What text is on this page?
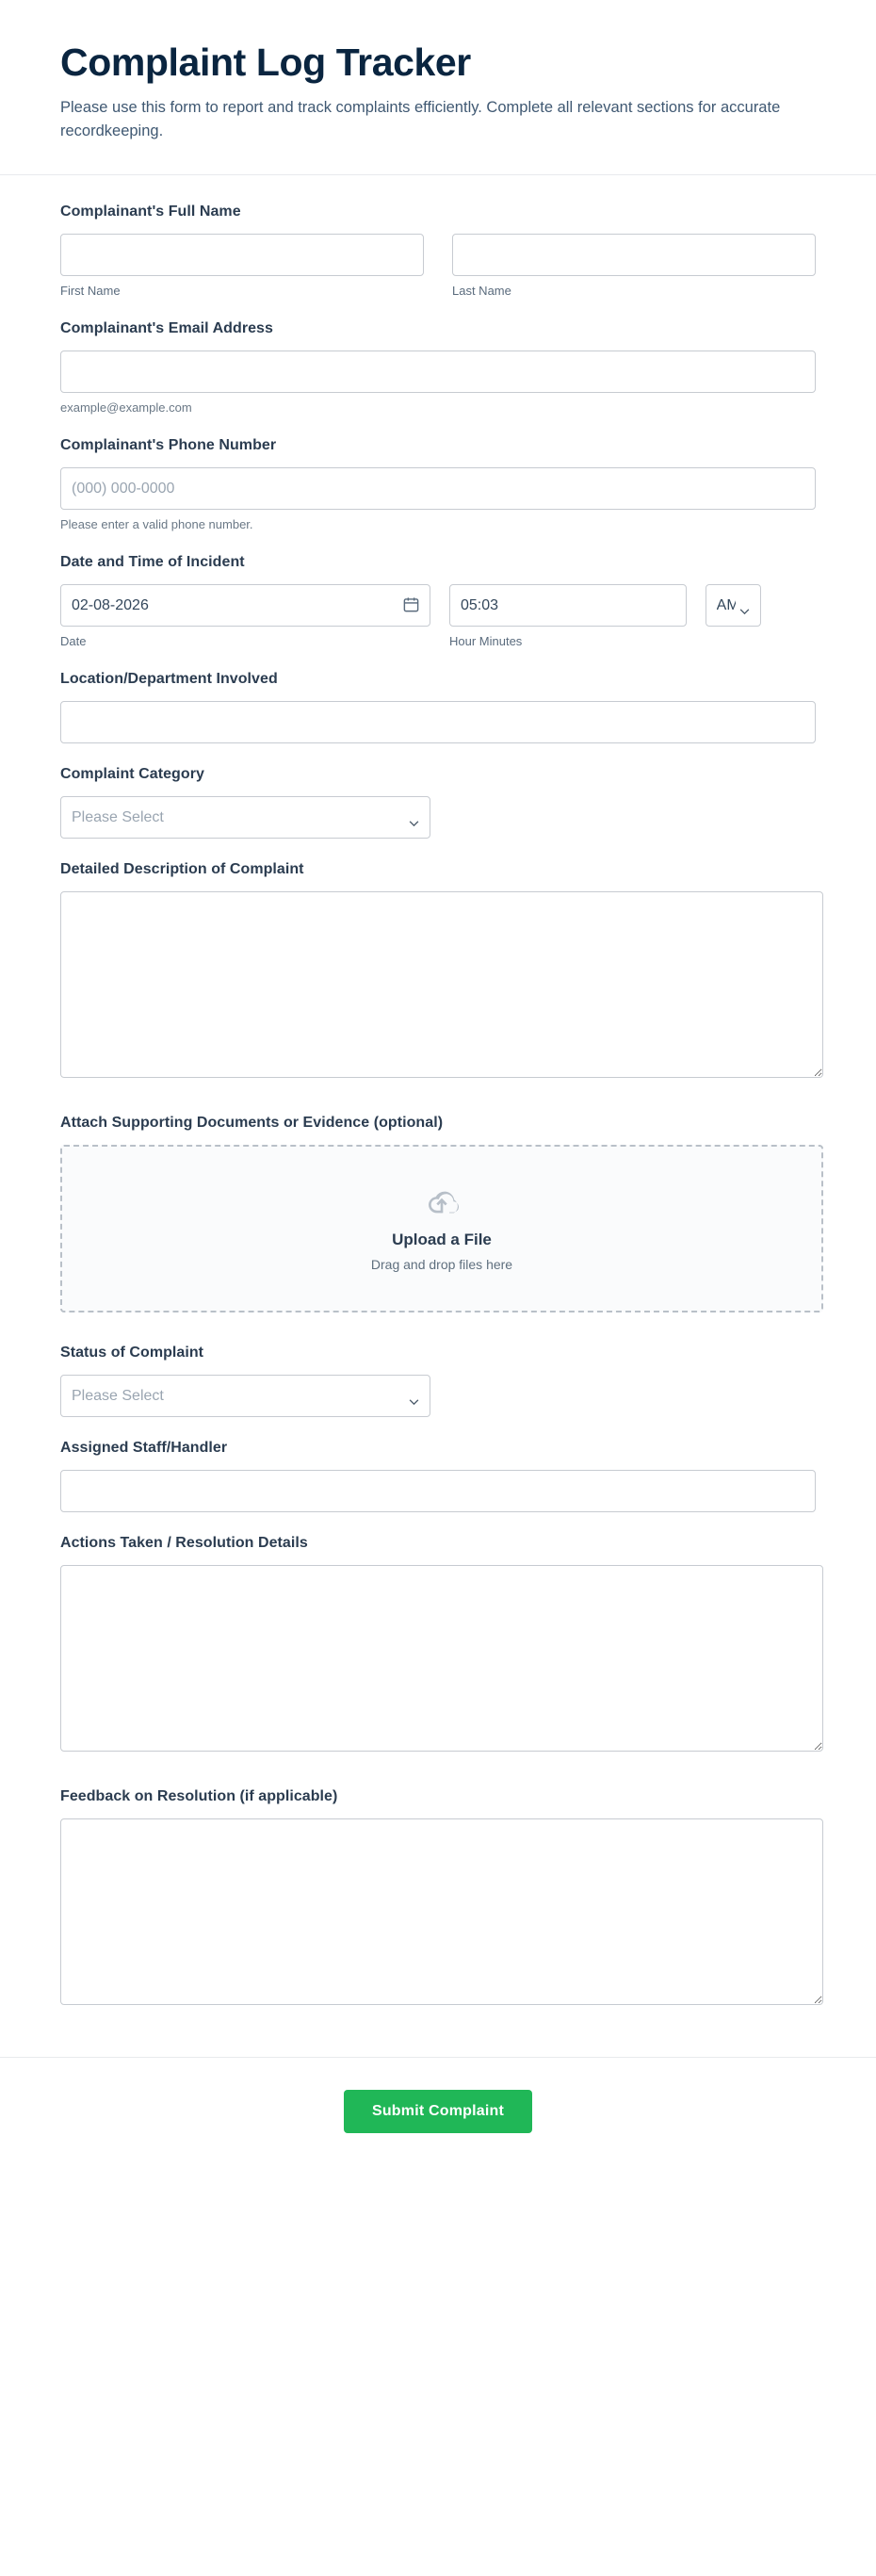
Complaint Log Tracker

Please use this form to report and track complaints efficiently. Complete all relevant sections for accurate recordkeeping.

Complainant's Full Name
First Name	Last Name
Complainant's Email Address
example@example.com
Complainant's Phone Number
(000) 000-0000
Please enter a valid phone number.
Date and Time of Incident
02-08-2026
Date
05:03
AM	Hour Minutes
Location/Department Involved
Complaint Category
Please Select
Detailed Description of Complaint
Attach Supporting Documents or Evidence (optional)
Upload a File
Drag and drop files here
Status of Complaint
Please Select
Assigned Staff/Handler
Actions Taken / Resolution Details
Feedback on Resolution (if applicable)
Submit Complaint
